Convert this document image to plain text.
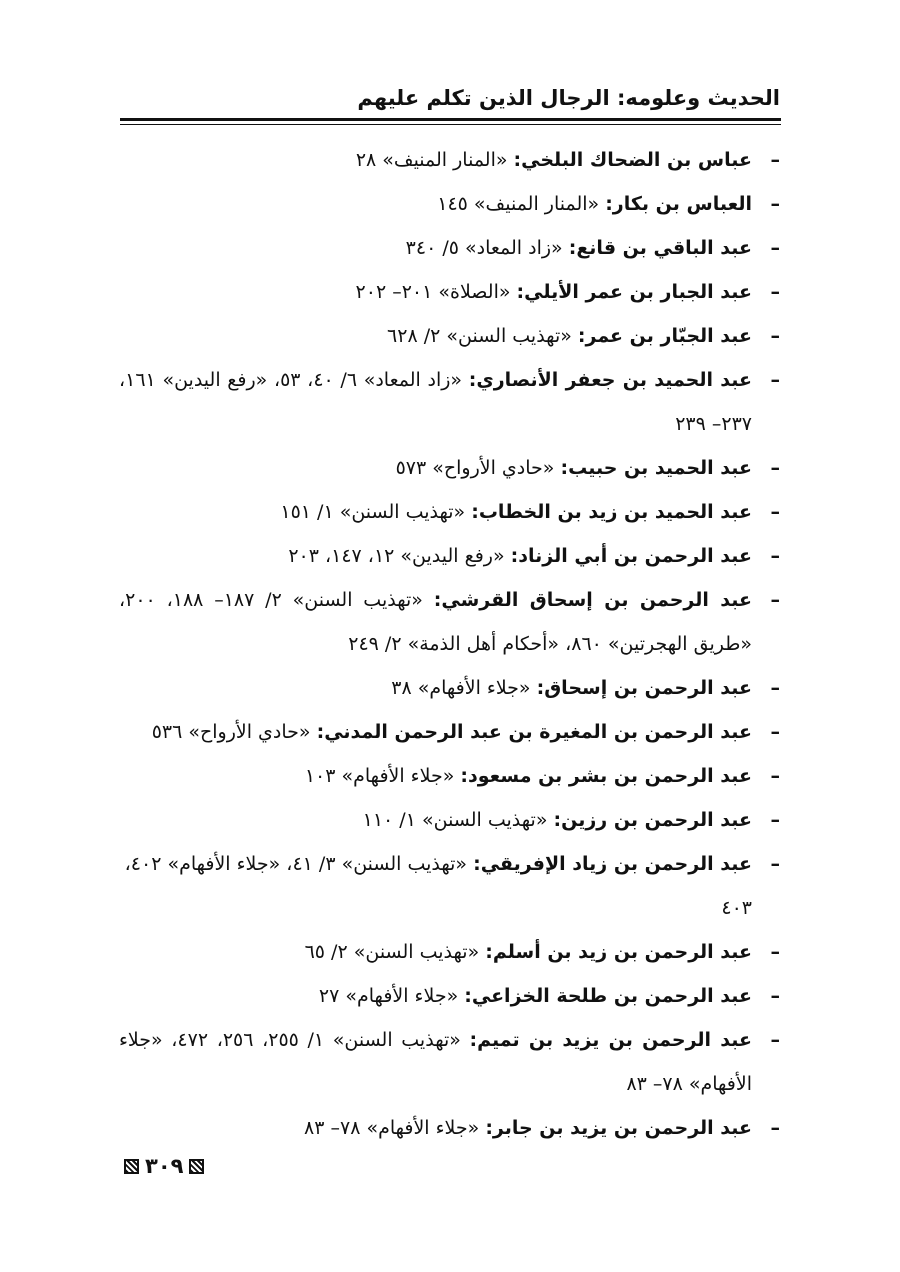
الحديث وعلومه: الرجال الذين تكلم عليهم
–
عباس بن الضحاك البلخي: «المنار المنيف» ٢٨
–
العباس بن بكار: «المنار المنيف» ١٤٥
–
عبد الباقي بن قانع: «زاد المعاد» ٥/ ٣٤٠
–
عبد الجبار بن عمر الأيلي: «الصلاة» ٢٠١– ٢٠٢
–
عبد الجبّار بن عمر: «تهذيب السنن» ٢/ ٦٢٨
–
عبد الحميد بن جعفر الأنصاري: «زاد المعاد» ٦/ ٤٠، ٥٣، «رفع اليدين» ١٦١، ٢٣٧– ٢٣٩
–
عبد الحميد بن حبيب: «حادي الأرواح» ٥٧٣
–
عبد الحميد بن زيد بن الخطاب: «تهذيب السنن» ١/ ١٥١
–
عبد الرحمن بن أبي الزناد: «رفع اليدين» ١٢، ١٤٧، ٢٠٣
–
عبد الرحمن بن إسحاق القرشي: «تهذيب السنن» ٢/ ١٨٧– ١٨٨، ٢٠٠، «طريق الهجرتين» ٨٦٠، «أحكام أهل الذمة» ٢/ ٢٤٩
–
عبد الرحمن بن إسحاق: «جلاء الأفهام» ٣٨
–
عبد الرحمن بن المغيرة بن عبد الرحمن المدني: «حادي الأرواح» ٥٣٦
–
عبد الرحمن بن بشر بن مسعود: «جلاء الأفهام» ١٠٣
–
عبد الرحمن بن رزين: «تهذيب السنن» ١/ ١١٠
–
عبد الرحمن بن زياد الإفريقي: «تهذيب السنن» ٣/ ٤١، «جلاء الأفهام» ٤٠٢، ٤٠٣
–
عبد الرحمن بن زيد بن أسلم: «تهذيب السنن» ٢/ ٦٥
–
عبد الرحمن بن طلحة الخزاعي: «جلاء الأفهام» ٢٧
–
عبد الرحمن بن يزيد بن تميم: «تهذيب السنن» ١/ ٢٥٥، ٢٥٦، ٤٧٢، «جلاء الأفهام» ٧٨– ٨٣
–
عبد الرحمن بن يزيد بن جابر: «جلاء الأفهام» ٧٨– ٨٣
٣٠٩
